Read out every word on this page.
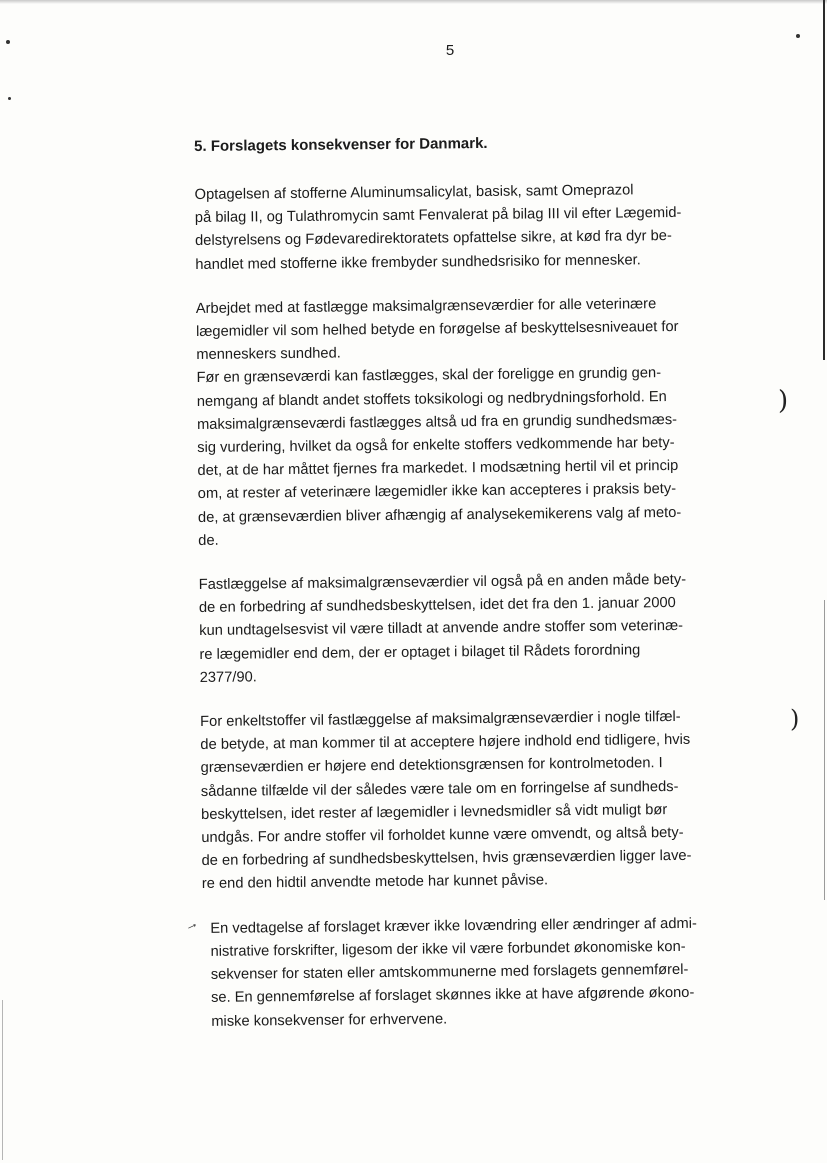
5
5. Forslagets konsekvenser for Danmark.

Optagelsen af stofferne Aluminumsalicylat, basisk, samt Omeprazol
på bilag II, og Tulathromycin samt Fenvalerat på bilag III vil efter Lægemid-
delstyrelsens og Fødevaredirektoratets opfattelse sikre, at kød fra dyr be-
handlet med stofferne ikke frembyder sundhedsrisiko for mennesker.

Arbejdet med at fastlægge maksimalgrænseværdier for alle veterinære
lægemidler vil som helhed betyde en forøgelse af beskyttelsesniveauet for
menneskers sundhed.

Før en grænseværdi kan fastlægges, skal der foreligge en grundig gen-
nemgang af blandt andet stoffets toksikologi og nedbrydningsforhold. En
maksimalgrænseværdi fastlægges altså ud fra en grundig sundhedsmæs-
sig vurdering, hvilket da også for enkelte stoffers vedkommende har bety-
det, at de har måttet fjernes fra markedet. I modsætning hertil vil et princip
om, at rester af veterinære lægemidler ikke kan accepteres i praksis bety-
de, at grænseværdien bliver afhængig af analysekemikerens valg af meto-
de.

Fastlæggelse af maksimalgrænseværdier vil også på en anden måde bety-
de en forbedring af sundhedsbeskyttelsen, idet det fra den 1. januar 2000
kun undtagelsesvist vil være tilladt at anvende andre stoffer som veterinæ-
re lægemidler end dem, der er optaget i bilaget til Rådets forordning
2377/90.

For enkeltstoffer vil fastlæggelse af maksimalgrænseværdier i nogle tilfæl-
de betyde, at man kommer til at acceptere højere indhold end tidligere, hvis
grænseværdien er højere end detektionsgrænsen for kontrolmetoden. I
sådanne tilfælde vil der således være tale om en forringelse af sundheds-
beskyttelsen, idet rester af lægemidler i levnedsmidler så vidt muligt bør
undgås. For andre stoffer vil forholdet kunne være omvendt, og altså bety-
de en forbedring af sundhedsbeskyttelsen, hvis grænseværdien ligger lave-
re end den hidtil anvendte metode har kunnet påvise.

En vedtagelse af forslaget kræver ikke lovændring eller ændringer af admi-
nistrative forskrifter, ligesom der ikke vil være forbundet økonomiske kon-
sekvenser for staten eller amtskommunerne med forslagets gennemførel-
se. En gennemførelse af forslaget skønnes ikke at have afgørende økono-
miske konsekvenser for erhvervene.

→
)
)
